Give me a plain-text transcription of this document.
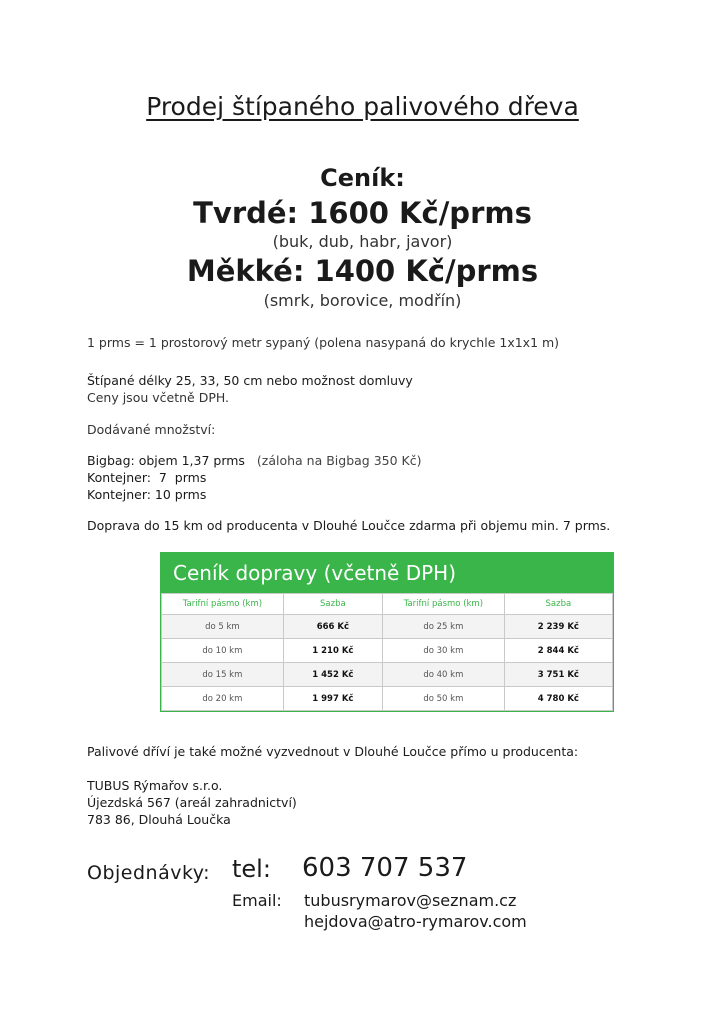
Prodej štípaného palivového dřeva
Ceník:
Tvrdé: 1600 Kč/prms
(buk, dub, habr, javor)
Měkké: 1400 Kč/prms
(smrk, borovice, modřín)
1 prms = 1 prostorový metr sypaný (polena nasypaná do krychle 1x1x1 m)
Štípané délky 25, 33, 50 cm nebo možnost domluvy
Ceny jsou včetně DPH.
Dodávané množství:
Bigbag: objem 1,37 prms (záloha na Bigbag 350 Kč)
Kontejner:  7  prms
Kontejner: 10 prms
Doprava do 15 km od producenta v Dlouhé Loučce zdarma při objemu min. 7 prms.
Ceník dopravy (včetně DPH)
Tarifní pásmo (km)	Sazba	Tarifní pásmo (km)	Sazba
do 5 km	666 Kč	do 25 km	2 239 Kč
do 10 km	1 210 Kč	do 30 km	2 844 Kč
do 15 km	1 452 Kč	do 40 km	3 751 Kč
do 20 km	1 997 Kč	do 50 km	4 780 Kč
Palivové dříví je také možné vyzvednout v Dlouhé Loučce přímo u producenta:
TUBUS Rýmařov s.r.o.
Újezdská 567 (areál zahradnictví)
783 86, Dlouhá Loučka
Objednávky: tel: 603 707 537
Email: tubusrymarov@seznam.cz
hejdova@atro-rymarov.com
